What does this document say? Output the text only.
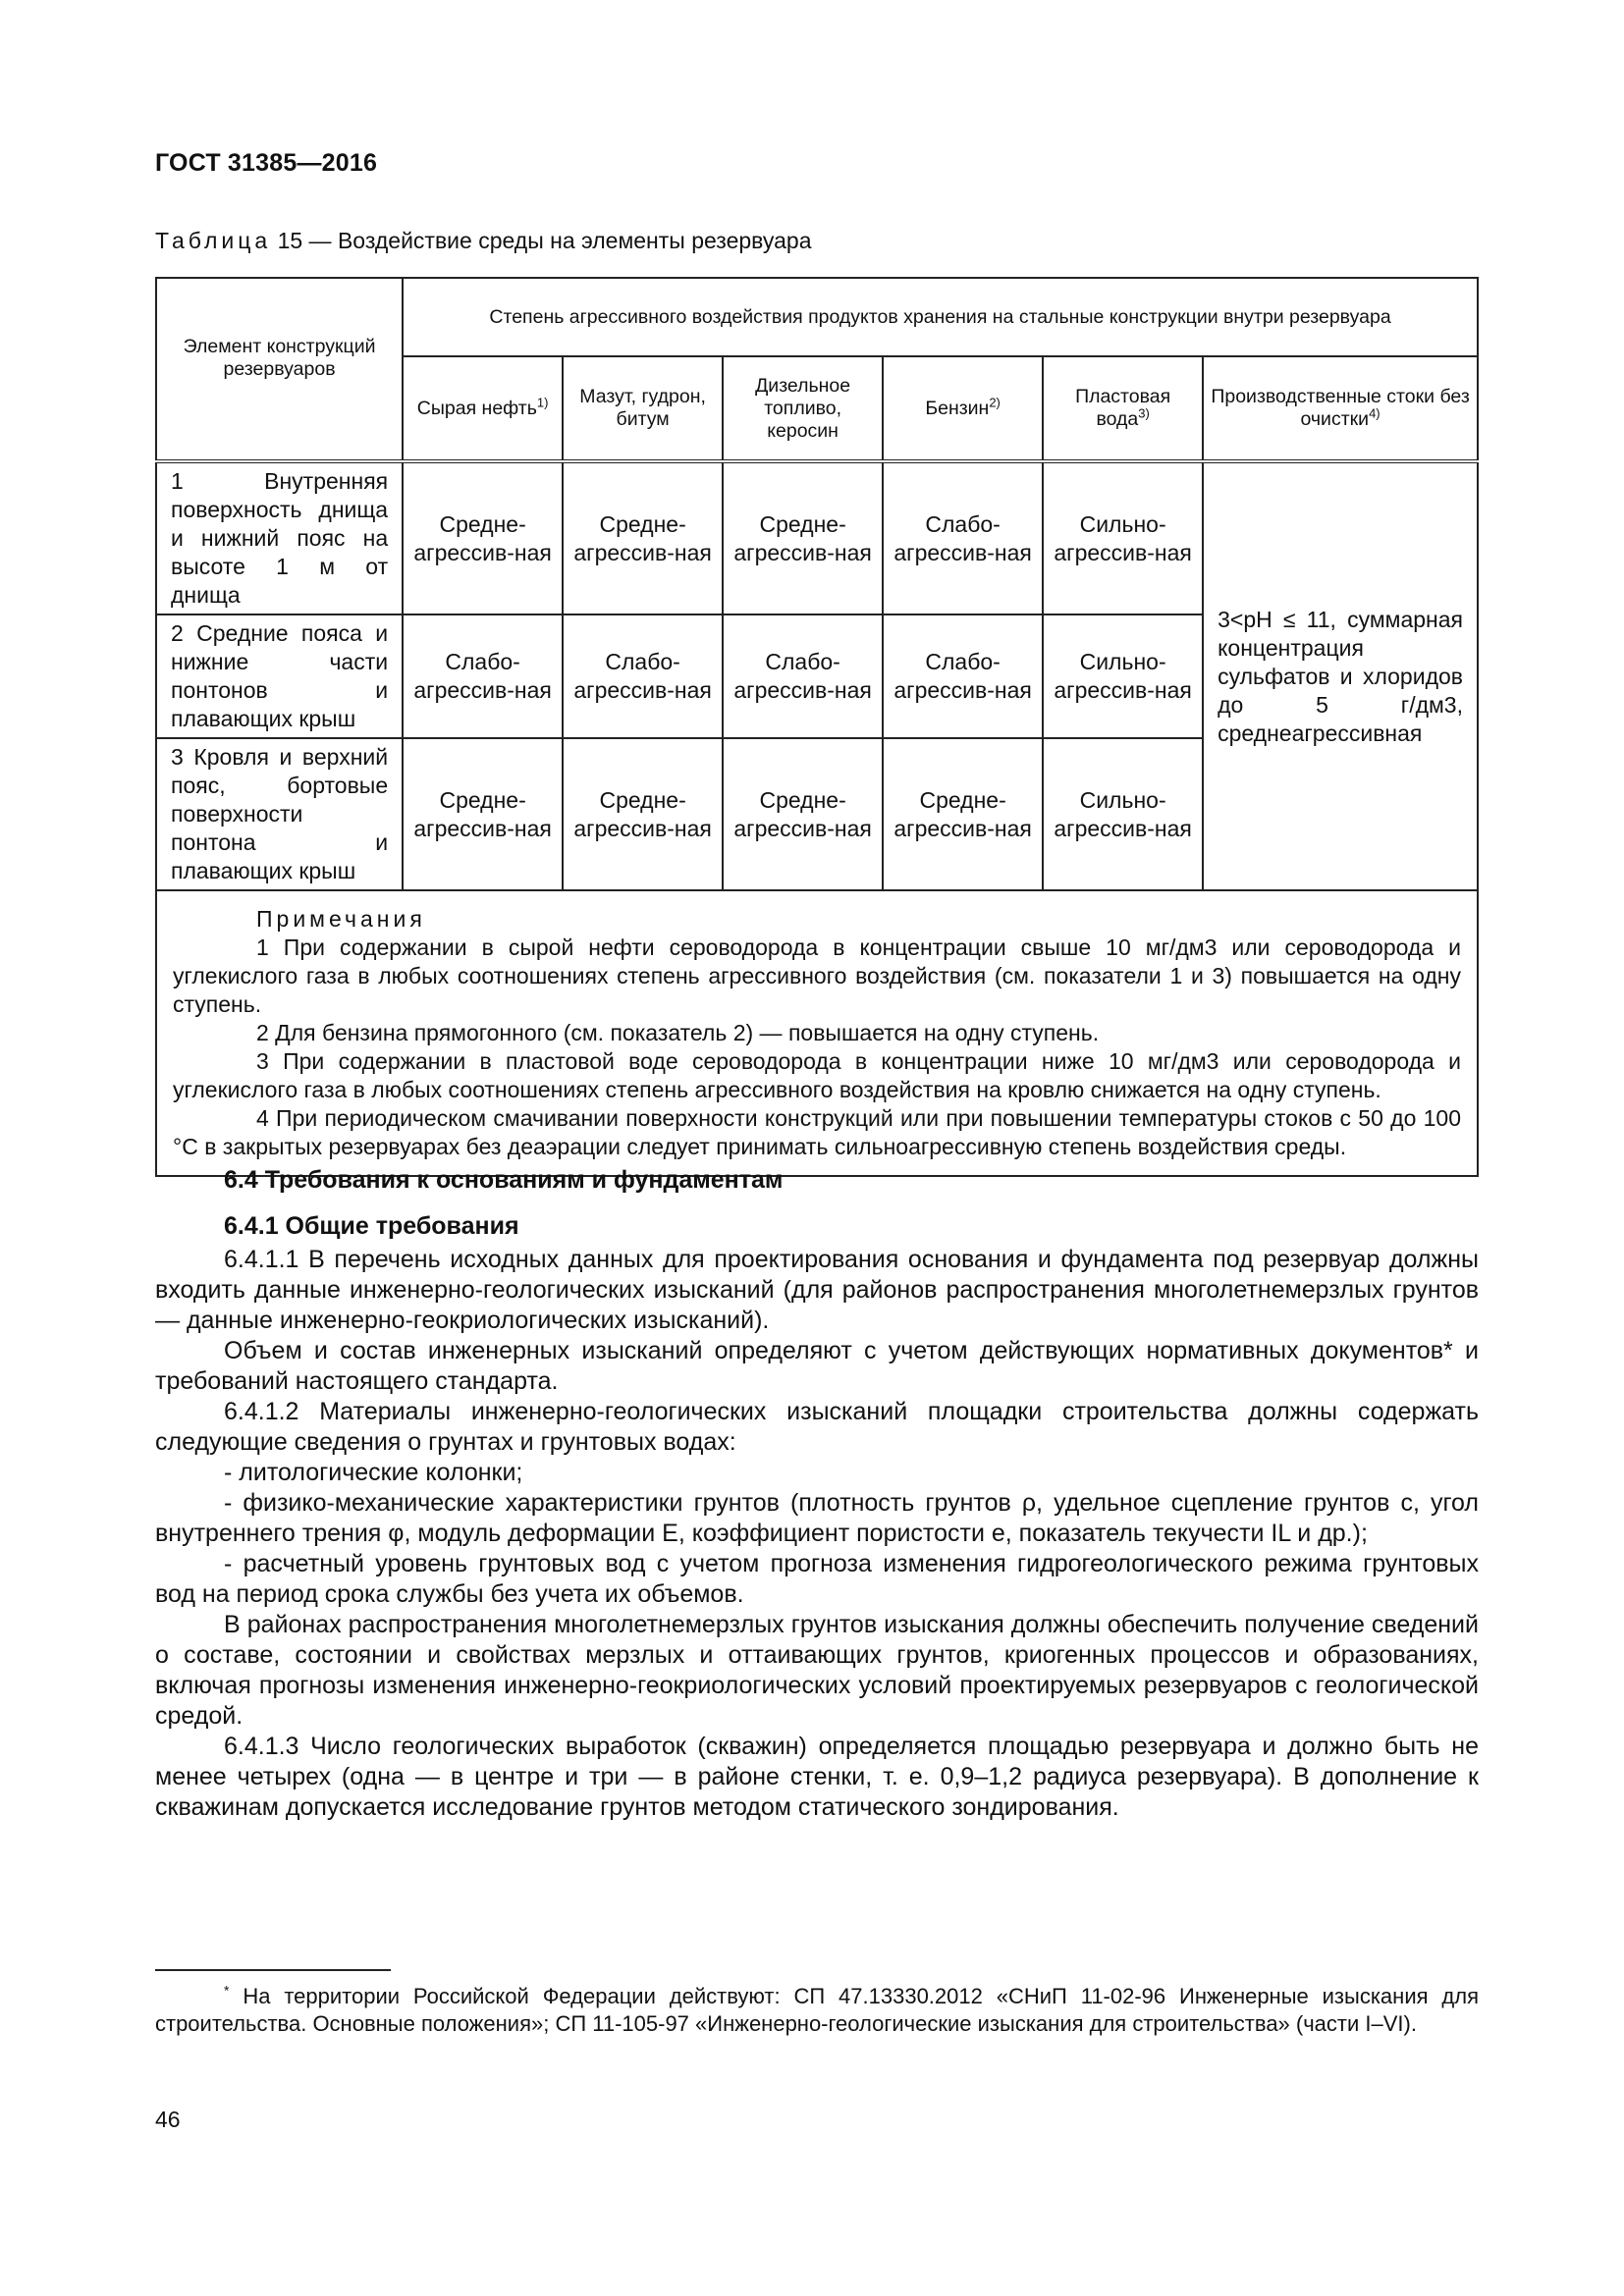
ГОСТ 31385—2016
Таблица 15 — Воздействие среды на элементы резервуара
Элемент конструкций резервуаров	Степень агрессивного воздействия продуктов хранения на стальные конструкции внутри резервуара					
	Сырая нефть$^{1)}$	Мазут, гудрон, битум	Дизельное топливо, керосин	Бензин$^{2)}$	Пластовая вода$^{3)}$	Производственные стоки без очистки$^{4)}$
1 Внутренняя поверхность днища и нижний пояс на высоте 1 м от днища	Средне-агрессив-ная	Средне-агрессив-ная	Средне-агрессив-ная	Слабо-агрессив-ная	Сильно-агрессив-ная	3<pH ≤ 11, суммарная концентрация сульфатов и хлоридов до 5 г/дм3, среднеагрессивная
2 Средние пояса и нижние части понтонов и плавающих крыш	Слабо-агрессив-ная	Слабо-агрессив-ная	Слабо-агрессив-ная	Слабо-агрессив-ная	Сильно-агрессив-ная	
3 Кровля и верхний пояс, бортовые поверхности понтона и плавающих крыш	Средне-агрессив-ная	Средне-агрессив-ная	Средне-агрессив-ная	Средне-агрессив-ная	Сильно-агрессив-ная	

Примечания
1 При содержании в сырой нефти сероводорода в концентрации свыше 10 мг/дм3 или сероводорода и углекислого газа в любых соотношениях степень агрессивного воздействия (см. показатели 1 и 3) повышается на одну ступень.
2 Для бензина прямогонного (см. показатель 2) — повышается на одну ступень.
3 При содержании в пластовой воде сероводорода в концентрации ниже 10 мг/дм3 или сероводорода и углекислого газа в любых соотношениях степень агрессивного воздействия на кровлю снижается на одну ступень.
4 При периодическом смачивании поверхности конструкций или при повышении температуры стоков с 50 до 100 °С в закрытых резервуарах без деаэрации следует принимать сильноагрессивную степень воздействия среды.						
6.4 Требования к основаниям и фундаментам
6.4.1 Общие требования

6.4.1.1 В перечень исходных данных для проектирования основания и фундамента под резервуар должны входить данные инженерно-геологических изысканий (для районов распространения многолетнемерзлых грунтов — данные инженерно-геокриологических изысканий).

Объем и состав инженерных изысканий определяют с учетом действующих нормативных документов* и требований настоящего стандарта.

6.4.1.2 Материалы инженерно-геологических изысканий площадки строительства должны содержать следующие сведения о грунтах и грунтовых водах:

- литологические колонки;

- физико-механические характеристики грунтов (плотность грунтов ρ, удельное сцепление грунтов c, угол внутреннего трения φ, модуль деформации E, коэффициент пористости e, показатель текучести IL и др.);

- расчетный уровень грунтовых вод с учетом прогноза изменения гидрогеологического режима грунтовых вод на период срока службы без учета их объемов.

В районах распространения многолетнемерзлых грунтов изыскания должны обеспечить получение сведений о составе, состоянии и свойствах мерзлых и оттаивающих грунтов, криогенных процессов и образованиях, включая прогнозы изменения инженерно-геокриологических условий проектируемых резервуаров с геологической средой.

6.4.1.3 Число геологических выработок (скважин) определяется площадью резервуара и должно быть не менее четырех (одна — в центре и три — в районе стенки, т. е. 0,9–1,2 радиуса резервуара). В дополнение к скважинам допускается исследование грунтов методом статического зондирования.

* На территории Российской Федерации действуют: СП 47.13330.2012 «СНиП 11-02-96 Инженерные изыскания для строительства. Основные положения»; СП 11-105-97 «Инженерно-геологические изыскания для строительства» (части I–VI).
46
